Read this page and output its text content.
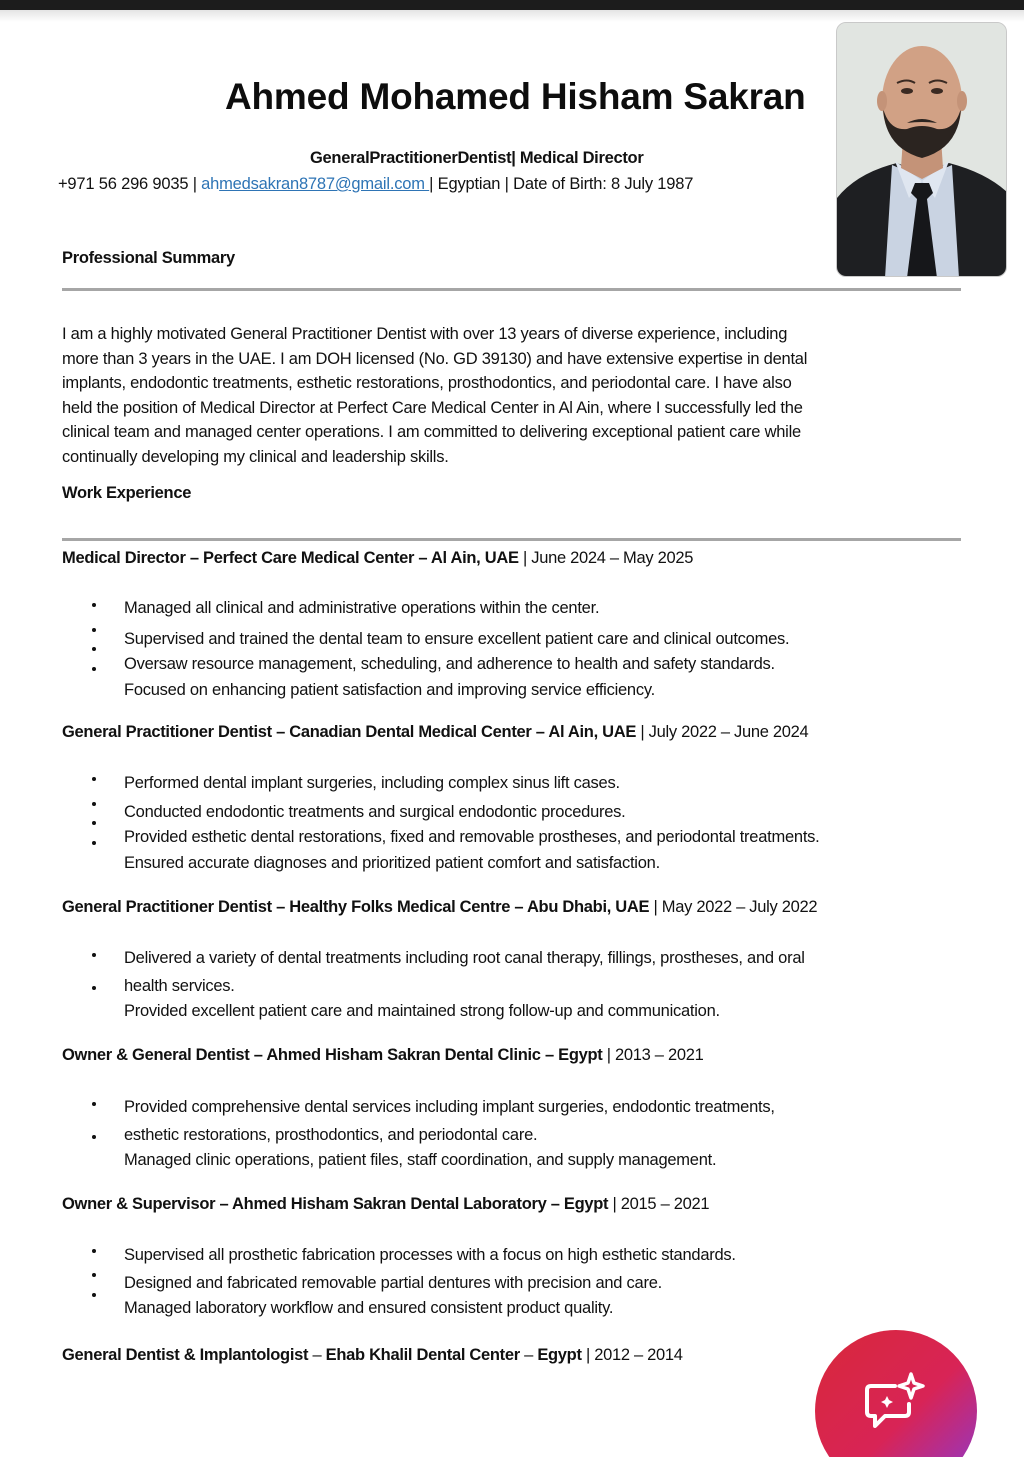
Ahmed Mohamed Hisham Sakran
GeneralPractitionerDentist| Medical Director
+971 56 296 9035 | ahmedsakran8787@gmail.com | Egyptian | Date of Birth: 8 July 1987
Professional Summary
I am a highly motivated General Practitioner Dentist with over 13 years of diverse experience, including
more than 3 years in the UAE. I am DOH licensed (No. GD 39130) and have extensive expertise in dental
implants, endodontic treatments, esthetic restorations, prosthodontics, and periodontal care. I have also
held the position of Medical Director at Perfect Care Medical Center in Al Ain, where I successfully led the
clinical team and managed center operations. I am committed to delivering exceptional patient care while
continually developing my clinical and leadership skills.
Work Experience
Medical Director – Perfect Care Medical Center – Al Ain, UAE | June 2024 – May 2025
Managed all clinical and administrative operations within the center.
Supervised and trained the dental team to ensure excellent patient care and clinical outcomes.
Oversaw resource management, scheduling, and adherence to health and safety standards.
Focused on enhancing patient satisfaction and improving service efficiency.
General Practitioner Dentist – Canadian Dental Medical Center – Al Ain, UAE | July 2022 – June 2024
Performed dental implant surgeries, including complex sinus lift cases.
Conducted endodontic treatments and surgical endodontic procedures.
Provided esthetic dental restorations, fixed and removable prostheses, and periodontal treatments.
Ensured accurate diagnoses and prioritized patient comfort and satisfaction.
General Practitioner Dentist – Healthy Folks Medical Centre – Abu Dhabi, UAE | May 2022 – July 2022
Delivered a variety of dental treatments including root canal therapy, fillings, prostheses, and oral
health services.
Provided excellent patient care and maintained strong follow-up and communication.
Owner & General Dentist – Ahmed Hisham Sakran Dental Clinic – Egypt | 2013 – 2021
Provided comprehensive dental services including implant surgeries, endodontic treatments,
esthetic restorations, prosthodontics, and periodontal care.
Managed clinic operations, patient files, staff coordination, and supply management.
Owner & Supervisor – Ahmed Hisham Sakran Dental Laboratory – Egypt | 2015 – 2021
Supervised all prosthetic fabrication processes with a focus on high esthetic standards.
Designed and fabricated removable partial dentures with precision and care.
Managed laboratory workflow and ensured consistent product quality.
General Dentist & Implantologist – Ehab Khalil Dental Center – Egypt | 2012 – 2014
